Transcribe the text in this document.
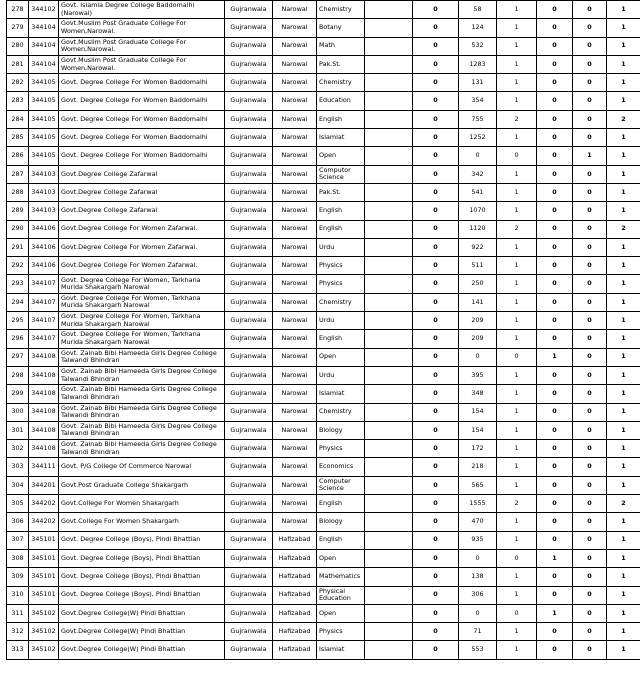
278	344102	Govt. Islamia Degree College Baddomalhi (Narowal)	Gujranwala	Narowal	Chemistry		0	58	1	0	0	1
279	344104	Govt.Muslim Post Graduate College For Women,Narowal.	Gujranwala	Narowal	Botany		0	124	1	0	0	1
280	344104	Govt.Muslim Post Graduate College For Women,Narowal.	Gujranwala	Narowal	Math		0	532	1	0	0	1
281	344104	Govt.Muslim Post Graduate College For Women,Narowal.	Gujranwala	Narowal	Pak.St.		0	1283	1	0	0	1
282	344105	Govt. Degree College For Women Baddomalhi	Gujranwala	Narowal	Chemistry		0	131	1	0	0	1
283	344105	Govt. Degree College For Women Baddomalhi	Gujranwala	Narowal	Education		0	354	1	0	0	1
284	344105	Govt. Degree College For Women Baddomalhi	Gujranwala	Narowal	English		0	755	2	0	0	2
285	344105	Govt. Degree College For Women Baddomalhi	Gujranwala	Narowal	Islamiat		0	1252	1	0	0	1
286	344105	Govt. Degree College For Women Baddomalhi	Gujranwala	Narowal	Open		0	0	0	0	1	1
287	344103	Govt.Degree College Zafarwal	Gujranwala	Narowal	Computor Science		0	342	1	0	0	1
288	344103	Govt.Degree College Zafarwal	Gujranwala	Narowal	Pak.St.		0	541	1	0	0	1
289	344103	Govt.Degree College Zafarwal	Gujranwala	Narowal	English		0	1070	1	0	0	1
290	344106	Govt.Degree College For Women Zafarwal.	Gujranwala	Narowal	English		0	1120	2	0	0	2
291	344106	Govt.Degree College For Women Zafarwal.	Gujranwala	Narowal	Urdu		0	922	1	0	0	1
292	344106	Govt.Degree College For Women Zafarwal.	Gujranwala	Narowal	Physics		0	511	1	0	0	1
293	344107	Govt. Degree College For Women, Tarkhana Murida Shakargarh Narowal	Gujranwala	Narowal	Physics		0	250	1	0	0	1
294	344107	Govt. Degree College For Women, Tarkhana Murida Shakargarh Narowal	Gujranwala	Narowal	Chemistry		0	141	1	0	0	1
295	344107	Govt. Degree College For Women, Tarkhana Murida Shakargarh Narowal	Gujranwala	Narowal	Urdu		0	209	1	0	0	1
296	344107	Govt. Degree College For Women, Tarkhana Murida Shakargarh Narowal	Gujranwala	Narowal	English		0	209	1	0	0	1
297	344108	Govt. Zainab Bibi Hameeda Girls Degree College Talwandi Bhindran	Gujranwala	Narowal	Open		0	0	0	1	0	1
298	344108	Govt. Zainab Bibi Hameeda Girls Degree College Talwandi Bhindran	Gujranwala	Narowal	Urdu		0	395	1	0	0	1
299	344108	Govt. Zainab Bibi Hameeda Girls Degree College Talwandi Bhindran	Gujranwala	Narowal	Islamiat		0	348	1	0	0	1
300	344108	Govt. Zainab Bibi Hameeda Girls Degree College Talwandi Bhindran	Gujranwala	Narowal	Chemistry		0	154	1	0	0	1
301	344108	Govt. Zainab Bibi Hameeda Girls Degree College Talwandi Bhindran	Gujranwala	Narowal	Biology		0	154	1	0	0	1
302	344108	Govt. Zainab Bibi Hameeda Girls Degree College Talwandi Bhindran	Gujranwala	Narowal	Physics		0	172	1	0	0	1
303	344111	Govt. P/G College Of Commerce Narowal	Gujranwala	Narowal	Economics		0	218	1	0	0	1
304	344201	Govt.Post Graduate College Shakargarh	Gujranwala	Narowal	Computer Science		0	565	1	0	0	1
305	344202	Govt.College For Women Shakargarh	Gujranwala	Narowal	English		0	1555	2	0	0	2
306	344202	Govt.College For Women Shakargarh	Gujranwala	Narowal	Biology		0	470	1	0	0	1
307	345101	Govt. Degree College (Boys), Pindi Bhattian	Gujranwala	Hafizabad	English		0	935	1	0	0	1
308	345101	Govt. Degree College (Boys), Pindi Bhattian	Gujranwala	Hafizabad	Open		0	0	0	1	0	1
309	345101	Govt. Degree College (Boys), Pindi Bhattian	Gujranwala	Hafizabad	Mathematics		0	138	1	0	0	1
310	345101	Govt. Degree College (Boys), Pindi Bhattian	Gujranwala	Hafizabad	Physical Education		0	306	1	0	0	1
311	345102	Govt.Degree College(W) Pindi Bhattian	Gujranwala	Hafizabad	Open		0	0	0	1	0	1
312	345102	Govt.Degree College(W) Pindi Bhattian	Gujranwala	Hafizabad	Physics		0	71	1	0	0	1
313	345102	Govt.Degree College(W) Pindi Bhattian	Gujranwala	Hafizabad	Islamiat		0	553	1	0	0	1
